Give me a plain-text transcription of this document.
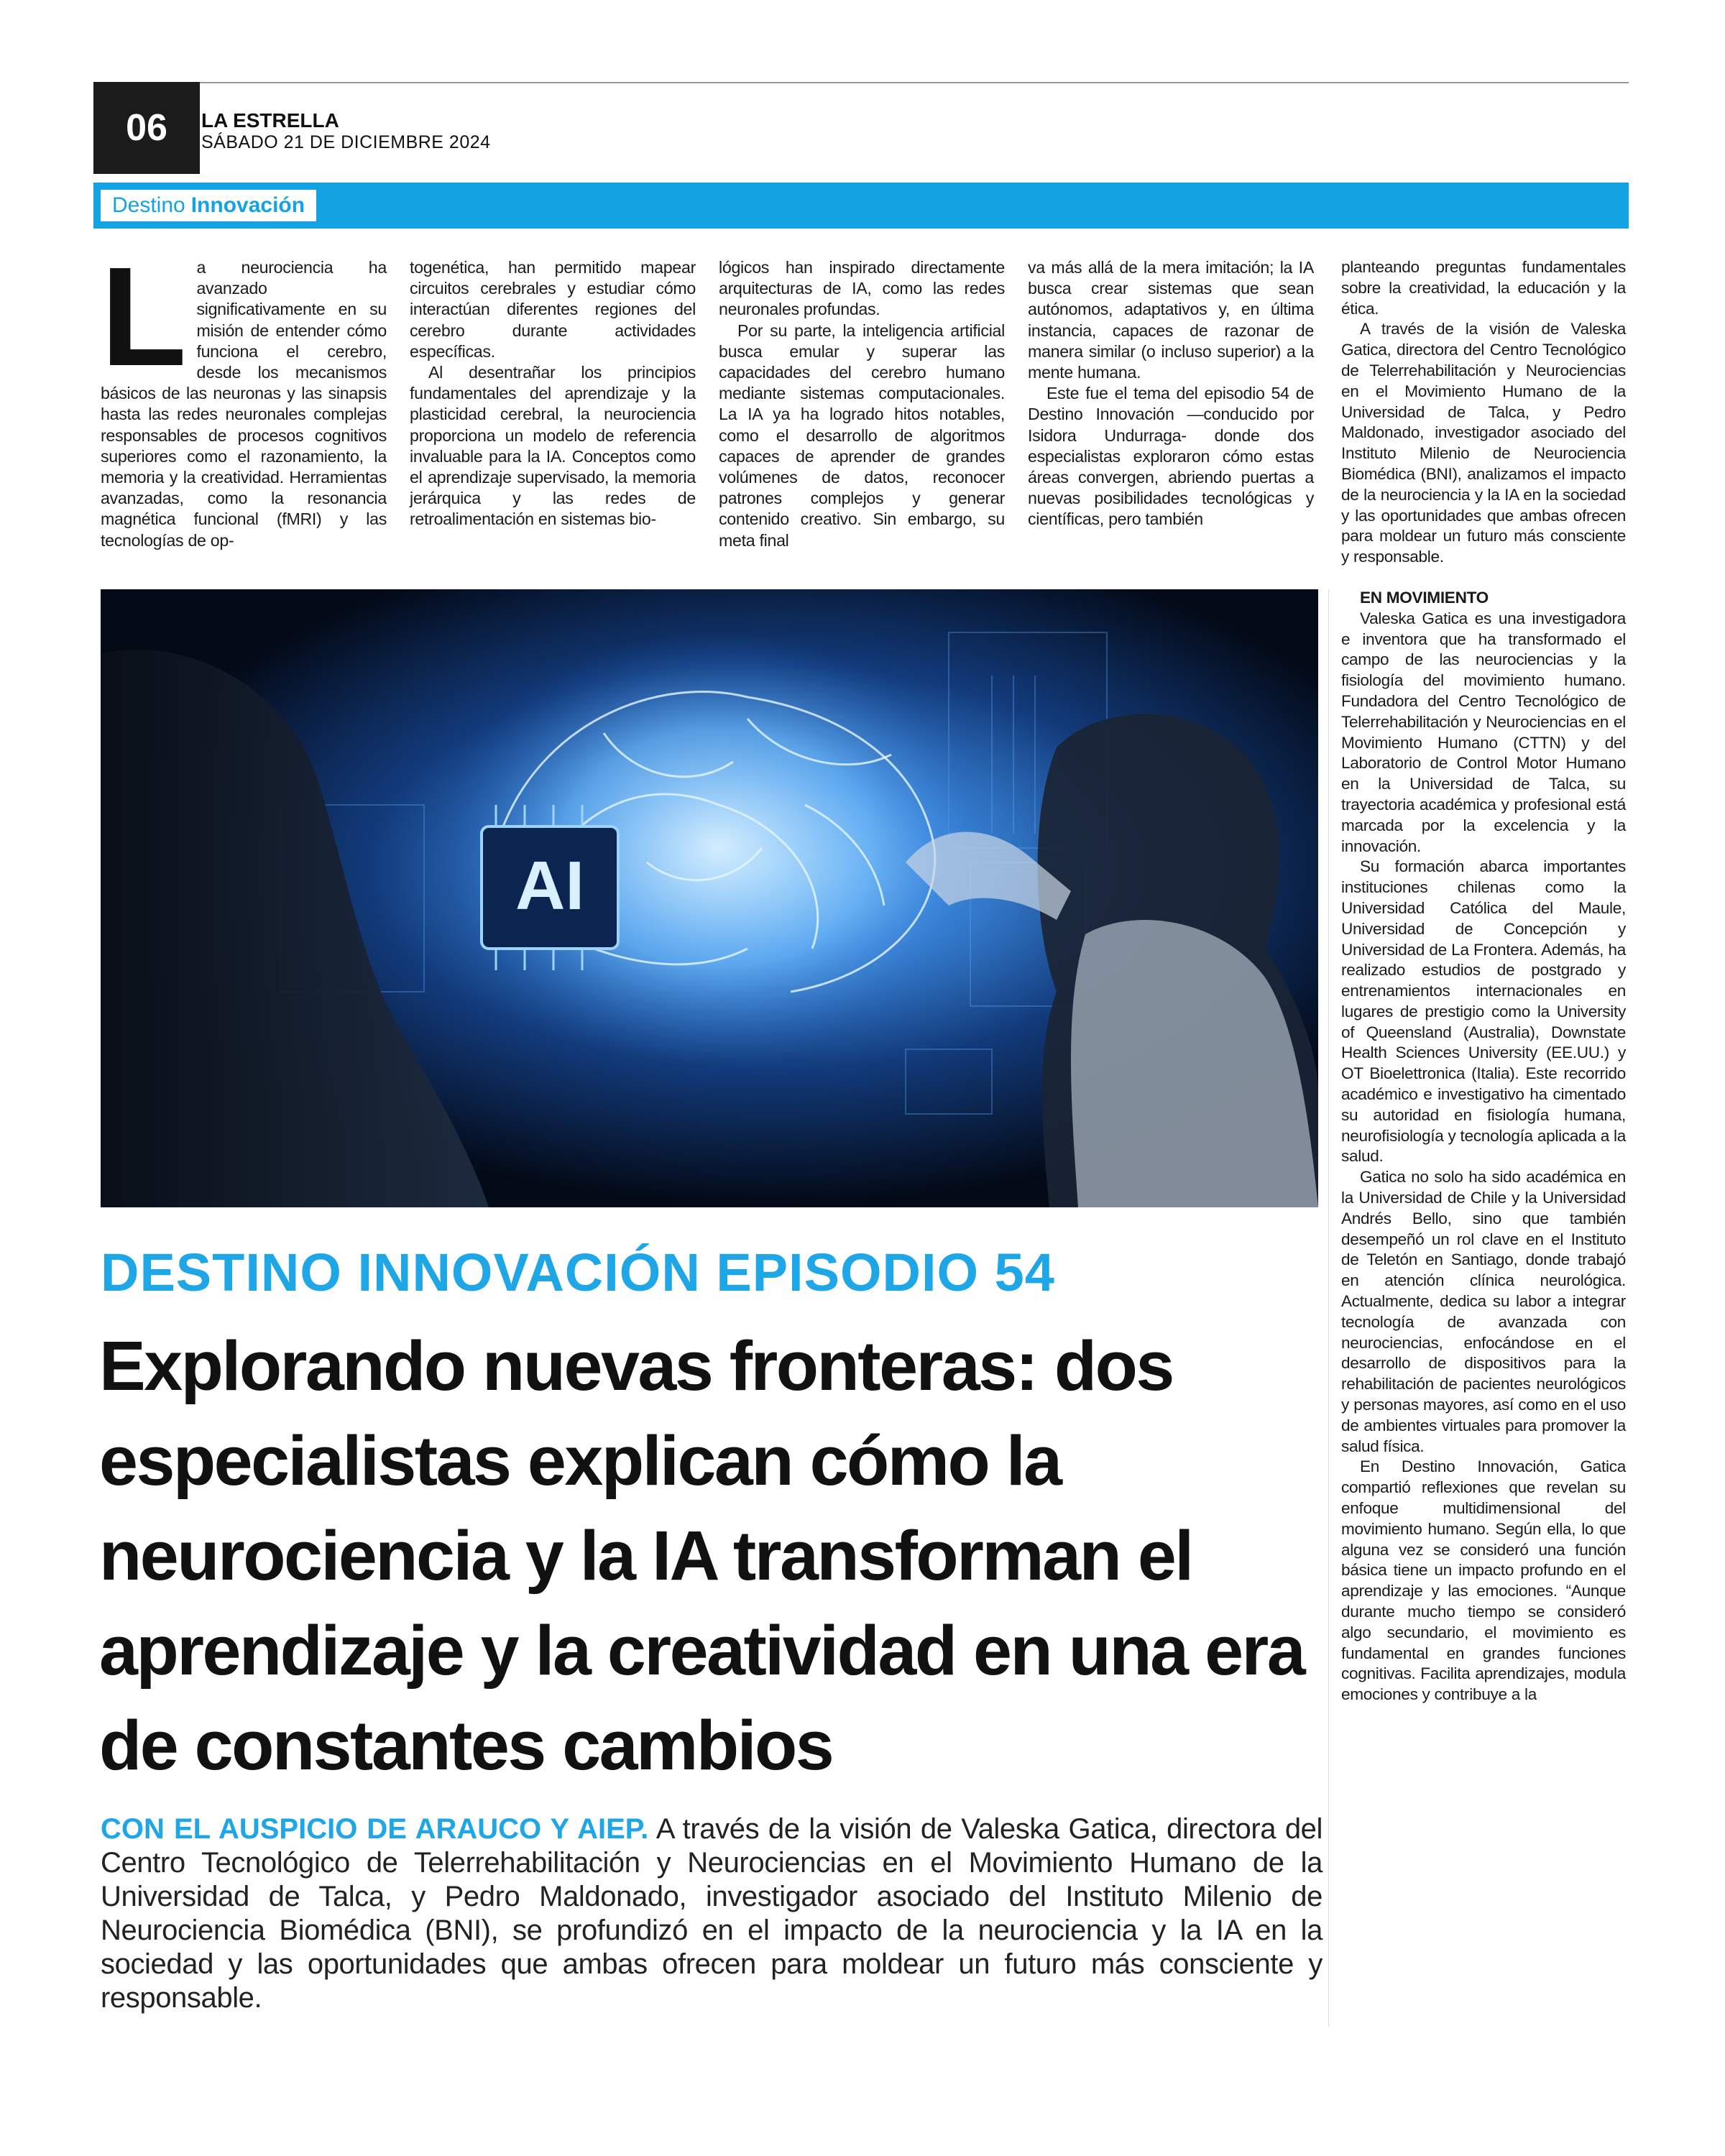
06	LA ESTRELLA
SÁBADO 21 DE DICIEMBRE 2024
Destino Innovación
L a neurociencia ha avanzado significativamente en su misión de entender cómo funciona el cerebro, desde los mecanismos básicos de las neuronas y las sinapsis hasta las redes neuronales complejas responsables de procesos cognitivos superiores como el razonamiento, la memoria y la creatividad. Herramientas avanzadas, como la resonancia magnética funcional (fMRI) y las tecnologías de op-

togenética, han permitido mapear circuitos cerebrales y estudiar cómo interactúan diferentes regiones del cerebro durante actividades específicas.

Al desentrañar los principios fundamentales del aprendizaje y la plasticidad cerebral, la neurociencia proporciona un modelo de referencia invaluable para la IA. Conceptos como el aprendizaje supervisado, la memoria jerárquica y las redes de retroalimentación en sistemas bio-

lógicos han inspirado directamente arquitecturas de IA, como las redes neuronales profundas.

Por su parte, la inteligencia artificial busca emular y superar las capacidades del cerebro humano mediante sistemas computacionales. La IA ya ha logrado hitos notables, como el desarrollo de algoritmos capaces de aprender de grandes volúmenes de datos, reconocer patrones complejos y generar contenido creativo. Sin embargo, su meta final

va más allá de la mera imitación; la IA busca crear sistemas que sean autónomos, adaptativos y, en última instancia, capaces de razonar de manera similar (o incluso superior) a la mente humana.

Este fue el tema del episodio 54 de Destino Innovación —conducido por Isidora Undurraga- donde dos especialistas exploraron cómo estas áreas convergen, abriendo puertas a nuevas posibilidades tecnológicas y científicas, pero también

planteando preguntas fundamentales sobre la creatividad, la educación y la ética.

A través de la visión de Valeska Gatica, directora del Centro Tecnológico de Telerrehabilitación y Neurociencias en el Movimiento Humano de la Universidad de Talca, y Pedro Maldonado, investigador asociado del Instituto Milenio de Neurociencia Biomédica (BNI), analizamos el impacto de la neurociencia y la IA en la sociedad y las oportunidades que ambas ofrecen para moldear un futuro más consciente y responsable.

EN MOVIMIENTO

Valeska Gatica es una investigadora e inventora que ha transformado el campo de las neurociencias y la fisiología del movimiento humano. Fundadora del Centro Tecnológico de Telerrehabilitación y Neurociencias en el Movimiento Humano (CTTN) y del Laboratorio de Control Motor Humano en la Universidad de Talca, su trayectoria académica y profesional está marcada por la excelencia y la innovación.

Su formación abarca importantes instituciones chilenas como la Universidad Católica del Maule, Universidad de Concepción y Universidad de La Frontera. Además, ha realizado estudios de postgrado y entrenamientos internacionales en lugares de prestigio como la University of Queensland (Australia), Downstate Health Sciences University (EE.UU.) y OT Bioelettronica (Italia). Este recorrido académico e investigativo ha cimentado su autoridad en fisiología humana, neurofisiología y tecnología aplicada a la salud.

Gatica no solo ha sido académica en la Universidad de Chile y la Universidad Andrés Bello, sino que también desempeñó un rol clave en el Instituto de Teletón en Santiago, donde trabajó en atención clínica neurológica. Actualmente, dedica su labor a integrar tecnología de avanzada con neurociencias, enfocándose en el desarrollo de dispositivos para la rehabilitación de pacientes neurológicos y personas mayores, así como en el uso de ambientes virtuales para promover la salud física.

En Destino Innovación, Gatica compartió reflexiones que revelan su enfoque multidimensional del movimiento humano. Según ella, lo que alguna vez se consideró una función básica tiene un impacto profundo en el aprendizaje y las emociones. “Aunque durante mucho tiempo se consideró algo secundario, el movimiento es fundamental en grandes funciones cognitivas. Facilita aprendizajes, modula emociones y contribuye a la

AI
DESTINO INNOVACIÓN EPISODIO 54
Explorando nuevas fronteras: dos especialistas explican cómo la neurociencia y la IA transforman el aprendizaje y la creatividad en una era de constantes cambios

CON EL AUSPICIO DE ARAUCO Y AIEP. A través de la visión de Valeska Gatica, directora del Centro Tecnológico de Telerrehabilitación y Neurociencias en el Movimiento Humano de la Universidad de Talca, y Pedro Maldonado, investigador asociado del Instituto Milenio de Neurociencia Biomédica (BNI), se profundizó en el impacto de la neurociencia y la IA en la sociedad y las oportunidades que ambas ofrecen para moldear un futuro más consciente y responsable.
